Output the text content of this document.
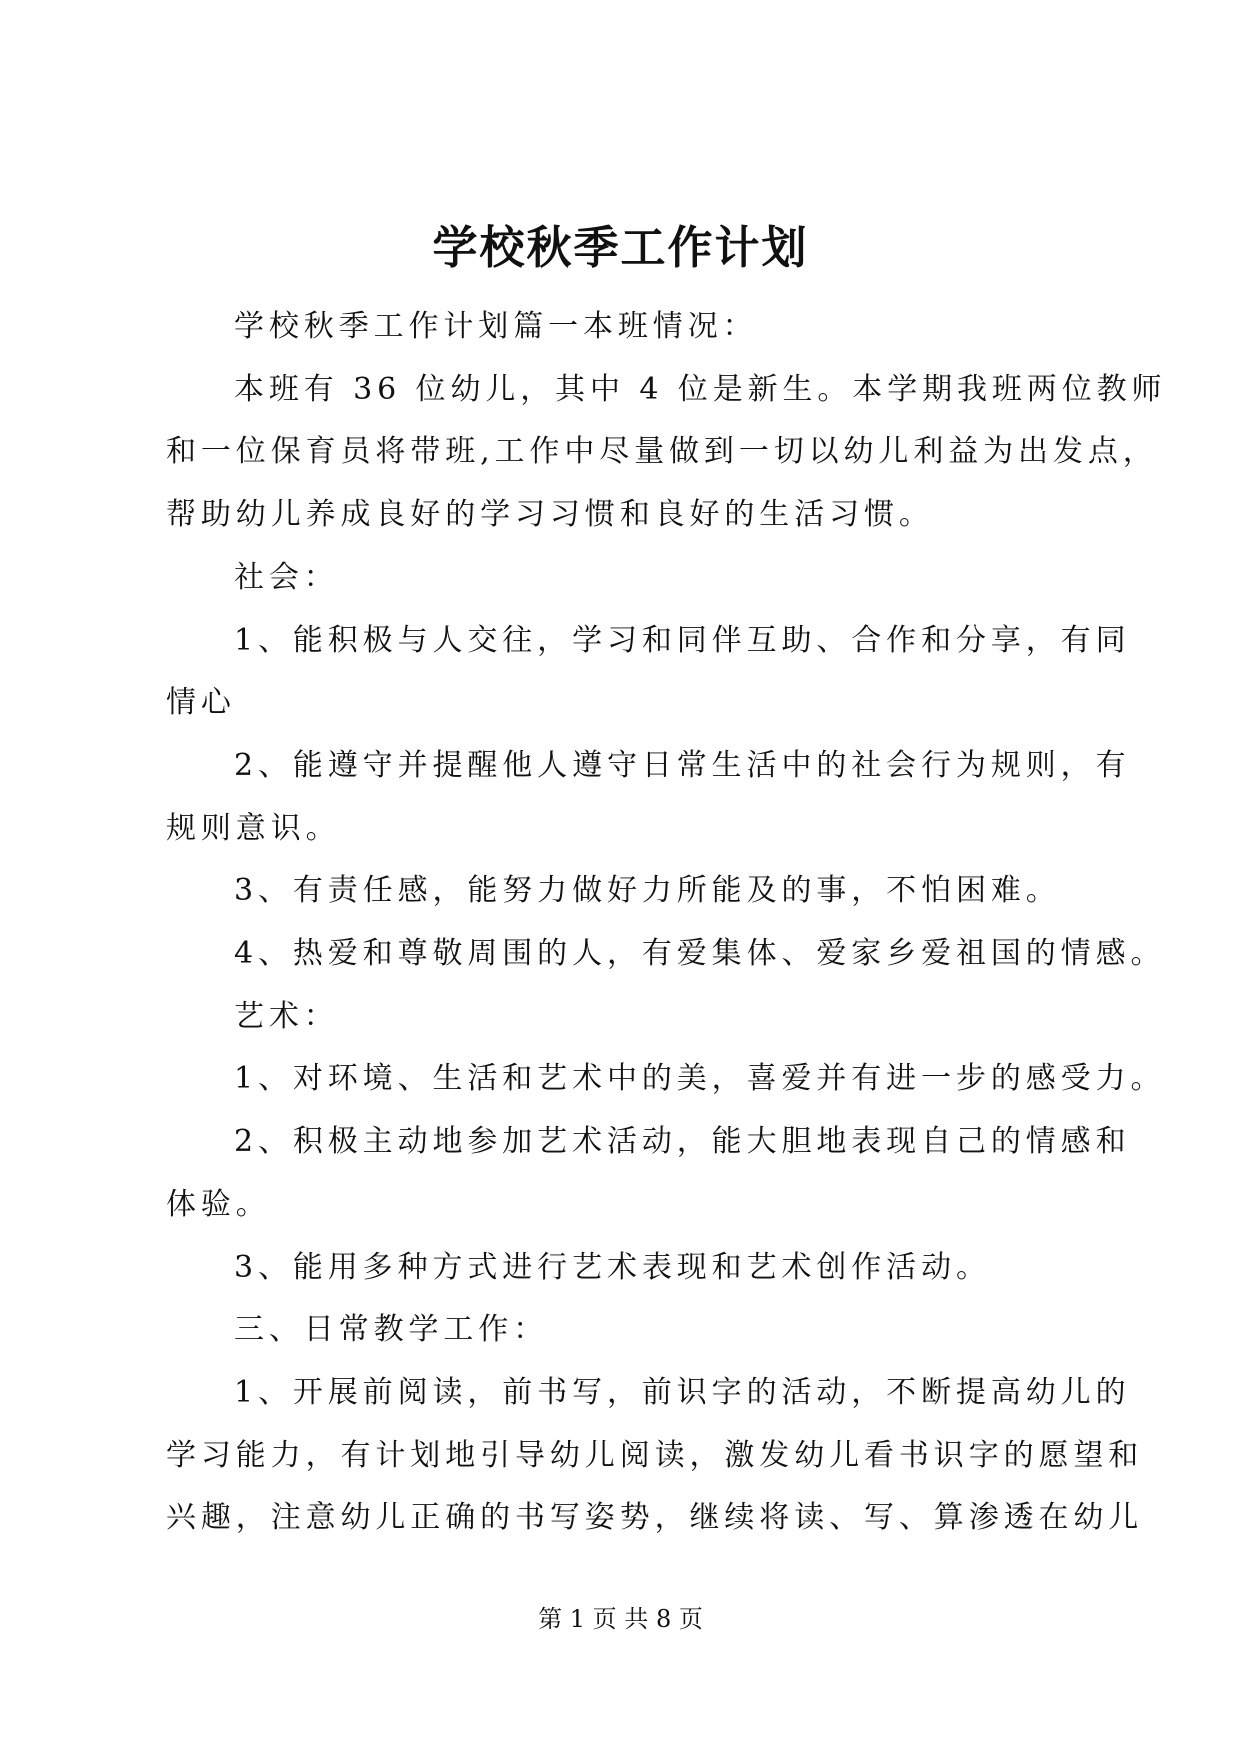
学校秋季工作计划
学校秋季工作计划篇一本班情况：
本班有 36 位幼儿，其中 4 位是新生。本学期我班两位教师
和一位保育员将带班,工作中尽量做到一切以幼儿利益为出发点，
帮助幼儿养成良好的学习习惯和良好的生活习惯。
社会：
1、能积极与人交往，学习和同伴互助、合作和分享，有同
情心
2、能遵守并提醒他人遵守日常生活中的社会行为规则，有
规则意识。
3、有责任感，能努力做好力所能及的事，不怕困难。
4、热爱和尊敬周围的人，有爱集体、爱家乡爱祖国的情感。
艺术：
1、对环境、生活和艺术中的美，喜爱并有进一步的感受力。
2、积极主动地参加艺术活动，能大胆地表现自己的情感和
体验。
3、能用多种方式进行艺术表现和艺术创作活动。
三、日常教学工作：
1、开展前阅读，前书写，前识字的活动，不断提高幼儿的
学习能力，有计划地引导幼儿阅读，激发幼儿看书识字的愿望和
兴趣，注意幼儿正确的书写姿势，继续将读、写、算渗透在幼儿
第 1 页 共 8 页
